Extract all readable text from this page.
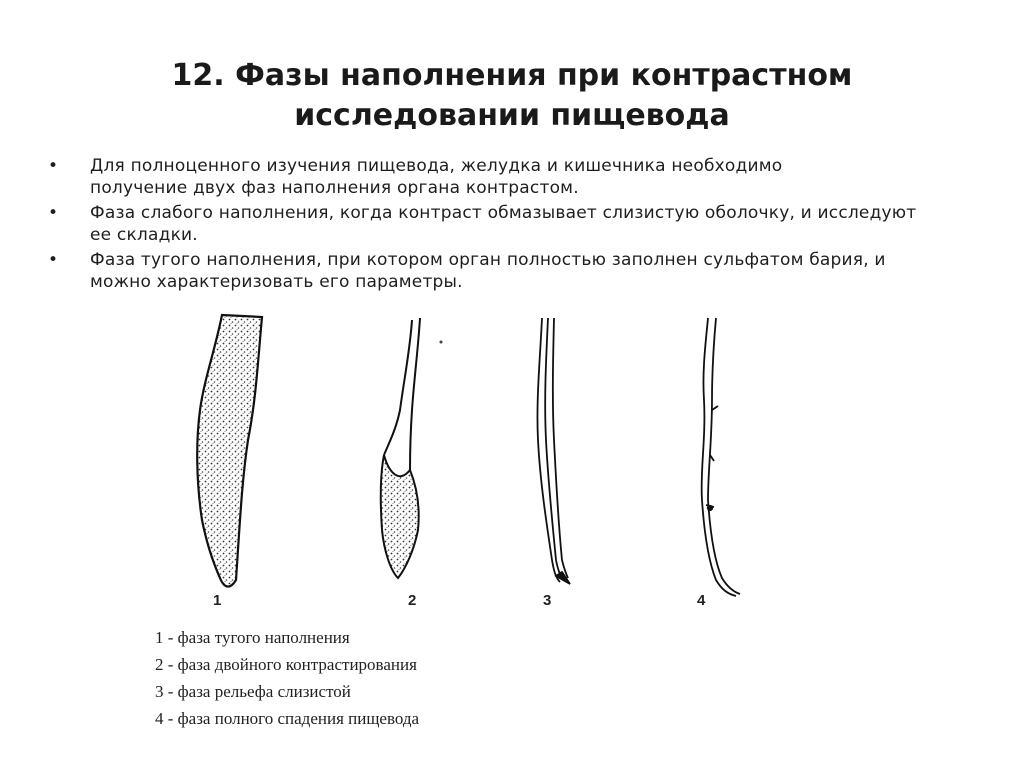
12. Фазы наполнения при контрастном
исследовании пищевода
• Для полноценного изучения пищевода, желудка и кишечника необходимо
получение двух фаз наполнения органа контрастом.
• Фаза слабого наполнения, когда контраст обмазывает слизистую оболочку, и исследуют
ее складки.
• Фаза тугого наполнения, при котором орган полностью заполнен сульфатом бария, и
можно характеризовать его параметры.
1	2	3	4
1 - фаза тугого наполнения
2 - фаза двойного контрастирования
3 - фаза рельефа слизистой
4 - фаза полного спадения пищевода
